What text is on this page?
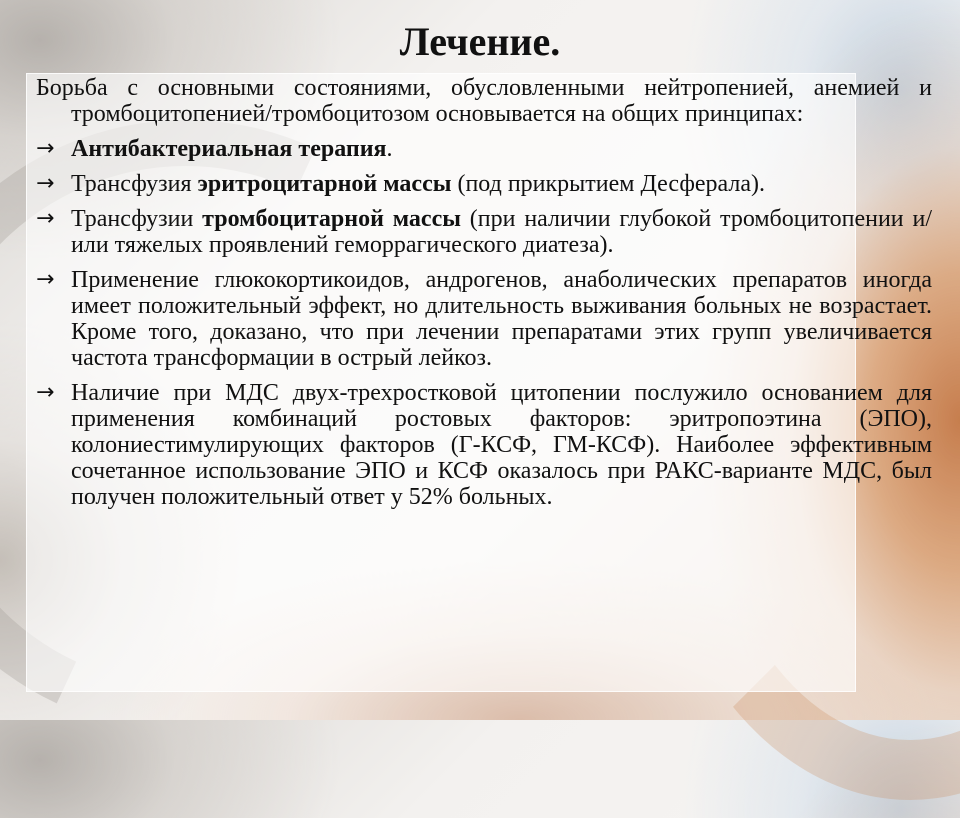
Лечение.

Борьба с основными состояниями, обусловленными нейтропенией, анемией и тромбоцитопенией/тромбоцитозом основывается на общих принципах:

→ Антибактериальная терапия.
→ Трансфузия эритроцитарной массы (под прикрытием Десферала).
→ Трансфузии тромбоцитарной массы (при наличии глубокой тромбоцитопении и/или тяжелых проявлений геморрагического диатеза).
→ Применение глюкокортикоидов, андрогенов, анаболических препаратов иногда имеет положительный эффект, но длительность выживания больных не возрастает. Кроме того, доказано, что при лечении препаратами этих групп увеличивается частота трансформации в острый лейкоз.
→ Наличие при МДС двух-трехростковой цитопении послужило основанием для применения комбинаций ростовых факторов: эритропоэтина (ЭПО), колониестимулирующих факторов (Г-КСФ, ГМ-КСФ). Наиболее эффективным сочетанное использование ЭПО и КСФ оказалось при РАКС-варианте МДС, был получен положительный ответ у 52% больных.
